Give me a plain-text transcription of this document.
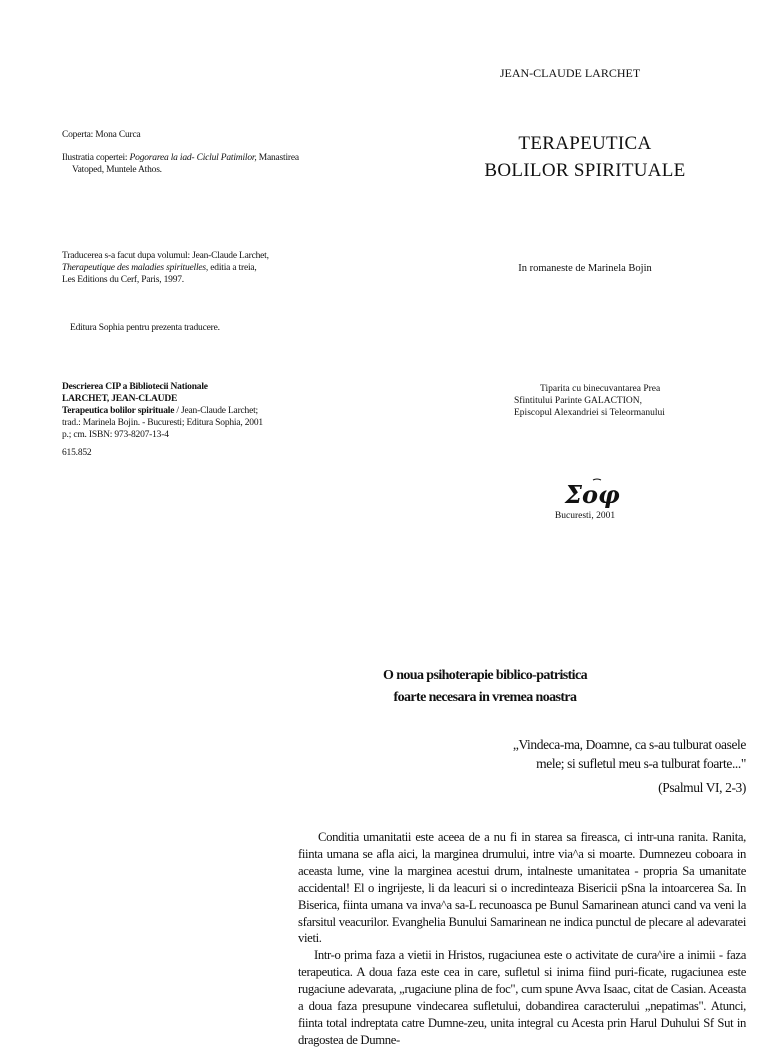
JEAN-CLAUDE LARCHET
TERAPEUTICA
BOLILOR SPIRITUALE
In romaneste de Marinela Bojin
Tiparita cu binecuvantarea Prea
Sfintitului Parinte GALACTION,
Episcopul Alexandriei si Teleormanului
Σοφ
Bucuresti, 2001
Coperta: Mona Curca
Ilustratia copertei: Pogorarea la iad- Ciclul Patimilor, Manastirea
Vatoped, Muntele Athos.
Traducerea s-a facut dupa volumul: Jean-Claude Larchet,
Therapeutique des maladies spirituelles, editia a treia,
Les Editions du Cerf, Paris, 1997.
Editura Sophia pentru prezenta traducere.
Descrierea CIP a Bibliotecii Nationale
LARCHET, JEAN-CLAUDE
Terapeutica bolilor spirituale / Jean-Claude Larchet;
trad.: Marinela Bojin. - Bucuresti; Editura Sophia, 2001
p.; cm. ISBN: 973-8207-13-4
615.852
O noua psihoterapie biblico-patristica
foarte necesara in vremea noastra
„Vindeca-ma, Doamne, ca s-au tulburat oasele
mele; si sufletul meu s-a tulburat foarte..."
(Psalmul VI, 2-3)

Conditia umanitatii este aceea de a nu fi in starea sa fireasca, ci intr-una ranita. Ranita, fiinta umana se afla aici, la marginea drumului, intre via^a si moarte. Dumnezeu coboara in aceasta lume, vine la marginea acestui drum, intalneste umanitatea - propria Sa umanitate accidental! El o ingrijeste, li da leacuri si o incredinteaza Bisericii pSna la intoarcerea Sa. In Biserica, fiinta umana va inva^a sa-L recunoasca pe Bunul Samarinean atunci cand va veni la sfarsitul veacurilor. Evanghelia Bunului Samarinean ne indica punctul de plecare al adevaratei vieti.

Intr-o prima faza a vietii in Hristos, rugaciunea este o activitate de cura^ire a inimii - faza terapeutica. A doua faza este cea in care, sufletul si inima fiind puri-ficate, rugaciunea este rugaciune adevarata, „rugaciune plina de foc", cum spune Avva Isaac, citat de Casian. Aceasta a doua faza presupune vindecarea sufletului, dobandirea caracterului „nepatimas". Atunci, fiinta total indreptata catre Dumne-zeu, unita integral cu Acesta prin Harul Duhului Sf Sut in dragostea de Dumne-
